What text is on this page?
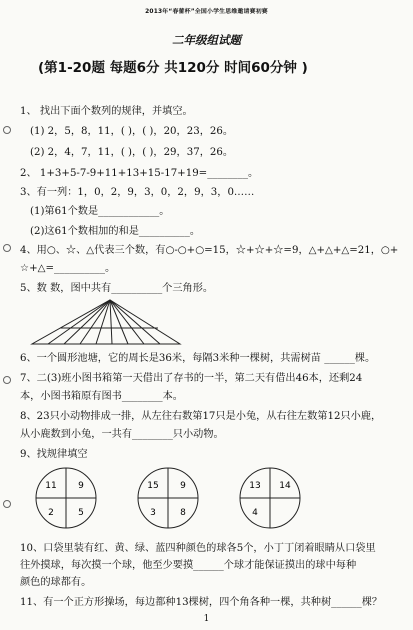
2013年“春蕾杯”全国小学生思维邀请赛初赛
二年级组试题
(第1-20题 每题6分 共120分 时间60分钟 )
1、 找出下面个数列的规律，并填空。
(1) 2，5，8，11，( )，( )，20，23，26。
(2) 2，4，7，11，( )，( )，29，37，26。
2、 1+3+5-7-9+11+13+15-17+19=________。
3、有一列：1，0，2，9，3，0，2，9，3，0……
(1)第61个数是____________。
(2)这61个数相加的和是__________。
4、用○、☆、△代表三个数，有○-○+○=15，☆+☆+☆=9，△+△+△=21，○+
☆+△=__________。
5、数 数，图中共有__________个三角形。
6、一个圆形池塘，它的周长是36米，每隔3米种一棵树，共需树苗 ______棵。
7、二(3)班小图书箱第一天借出了存书的一半，第二天有借出46本，还剩24
本，小图书箱原有图书________本。
8、23只小动物排成一排，从左往右数第17只是小兔，从右往左数第12只小鹿，
从小鹿数到小兔，一共有________只小动物。
9、找规律填空
11 9
2	5
15 9
3	8
13 14
4
10、口袋里装有红、黄、绿、蓝四种颜色的球各5个，小丁丁闭着眼睛从口袋里
往外摸球，每次摸一个球，他至少要摸______个球才能保证摸出的球中每种
颜色的球都有。
11、有一个正方形操场，每边都种13棵树，四个角各种一棵，共种树______棵？
1
